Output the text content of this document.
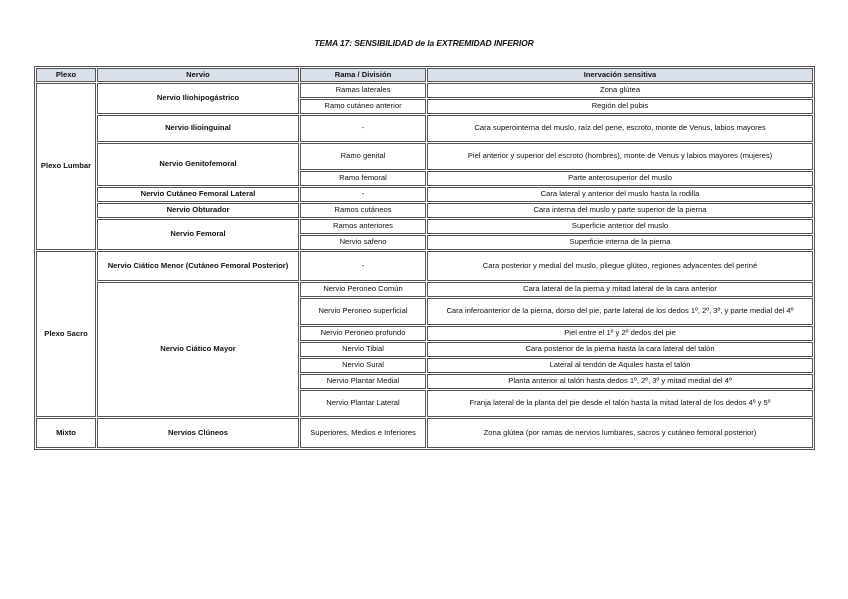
TEMA 17: SENSIBILIDAD de la EXTREMIDAD INFERIOR
Plexo	Nervio	Rama / División	Inervación sensitiva
Plexo Lumbar	Nervio Iliohipogástrico	Ramas laterales	Zona glútea
		Ramo cutáneo anterior	Región del pubis
	Nervio Ilioinguinal	-	Cara superointerna del muslo, raíz del pene, escroto, monte de Venus, labios mayores
	Nervio Genitofemoral	Ramo genital	Piel anterior y superior del escroto (hombres), monte de Venus y labios mayores (mujeres)
		Ramo femoral	Parte anterosuperior del muslo
	Nervio Cutáneo Femoral Lateral	-	Cara lateral y anterior del muslo hasta la rodilla
	Nervio Obturador	Ramos cutáneos	Cara interna del muslo y parte superior de la pierna
	Nervio Femoral	Ramos anteriores	Superficie anterior del muslo
		Nervio safeno	Superficie interna de la pierna
Plexo Sacro	Nervio Ciático Menor (Cutáneo Femoral Posterior)	-	Cara posterior y medial del muslo, pliegue glúteo, regiones adyacentes del periné
	Nervio Ciático Mayor	Nervio Peroneo Común	Cara lateral de la pierna y mitad lateral de la cara anterior
		Nervio Peroneo superficial	Cara inferoanterior de la pierna, dorso del pie, parte lateral de los dedos 1º, 2º, 3º, y parte medial del 4º
		Nervio Peroneo profundo	Piel entre el 1º y 2º dedos del pie
		Nervio Tibial	Cara posterior de la pierna hasta la cara lateral del talón
		Nervio Sural	Lateral al tendón de Aquiles hasta el talón
		Nervio Plantar Medial	Planta anterior al talón hasta dedos 1º, 2º, 3º y mitad medial del 4º
		Nervio Plantar Lateral	Franja lateral de la planta del pie desde el talón hasta la mitad lateral de los dedos 4º y 5º
Mixto	Nervios Clúneos	Superiores, Medios e Inferiores	Zona glútea (por ramas de nervios lumbares, sacros y cutáneo femoral posterior)
